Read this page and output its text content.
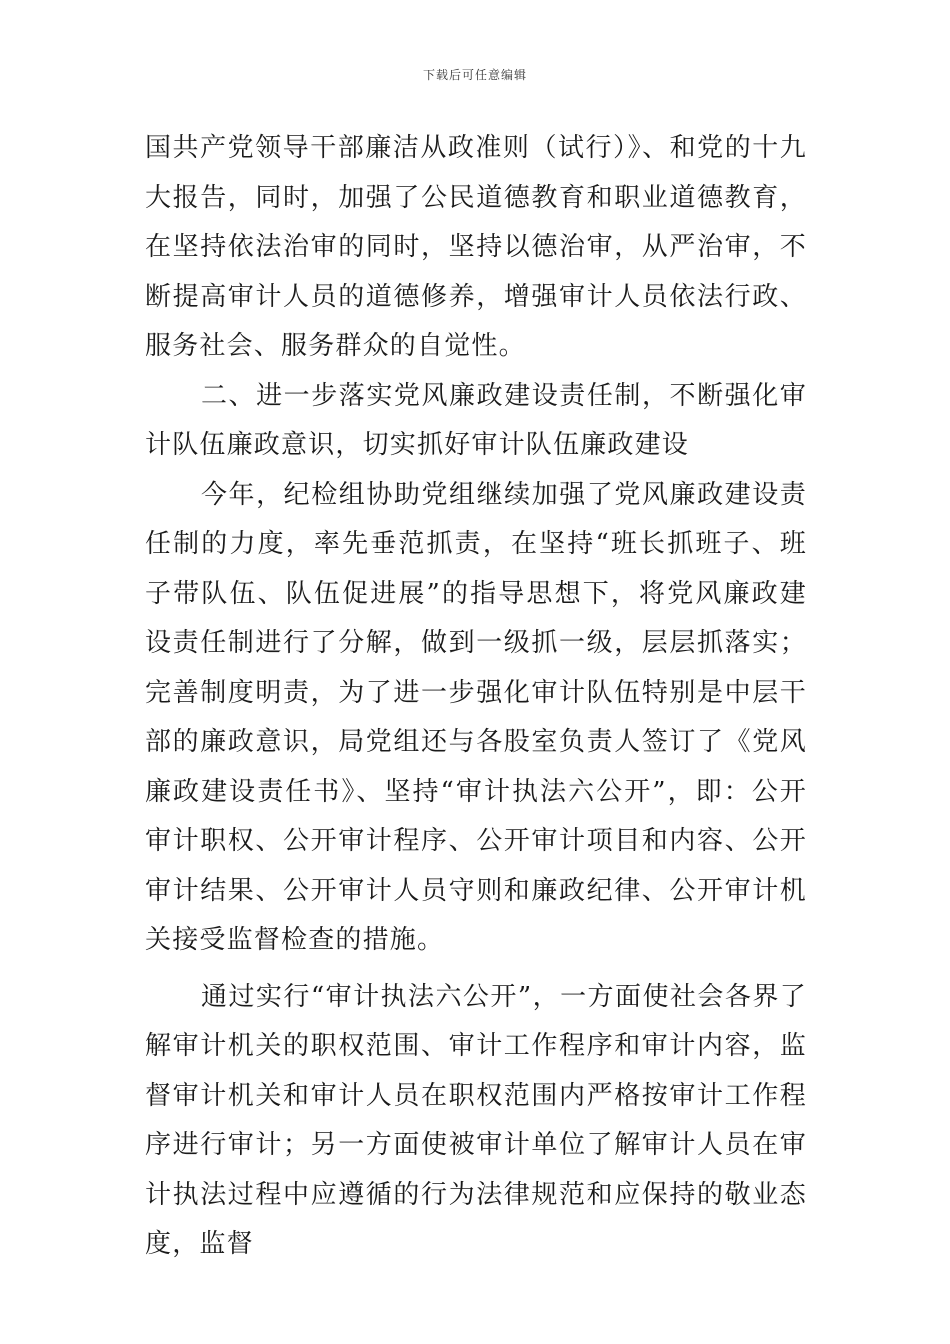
下载后可任意编辑

国共产党领导干部廉洁从政准则（试行）》、和党的十九大报告，同时，加强了公民道德教育和职业道德教育，在坚持依法治审的同时，坚持以德治审，从严治审，不断提高审计人员的道德修养，增强审计人员依法行政、服务社会、服务群众的自觉性。

二、进一步落实党风廉政建设责任制，不断强化审计队伍廉政意识，切实抓好审计队伍廉政建设

今年，纪检组协助党组继续加强了党风廉政建设责任制的力度，率先垂范抓责，在坚持“班长抓班子、班子带队伍、队伍促进展”的指导思想下，将党风廉政建设责任制进行了分解，做到一级抓一级，层层抓落实；完善制度明责，为了进一步强化审计队伍特别是中层干部的廉政意识，局党组还与各股室负责人签订了《党风廉政建设责任书》、坚持“审计执法六公开”，即：公开审计职权、公开审计程序、公开审计项目和内容、公开审计结果、公开审计人员守则和廉政纪律、公开审计机关接受监督检查的措施。

通过实行“审计执法六公开”，一方面使社会各界了解审计机关的职权范围、审计工作程序和审计内容，监督审计机关和审计人员在职权范围内严格按审计工作程序进行审计；另一方面使被审计单位了解审计人员在审计执法过程中应遵循的行为法律规范和应保持的敬业态度，监督
